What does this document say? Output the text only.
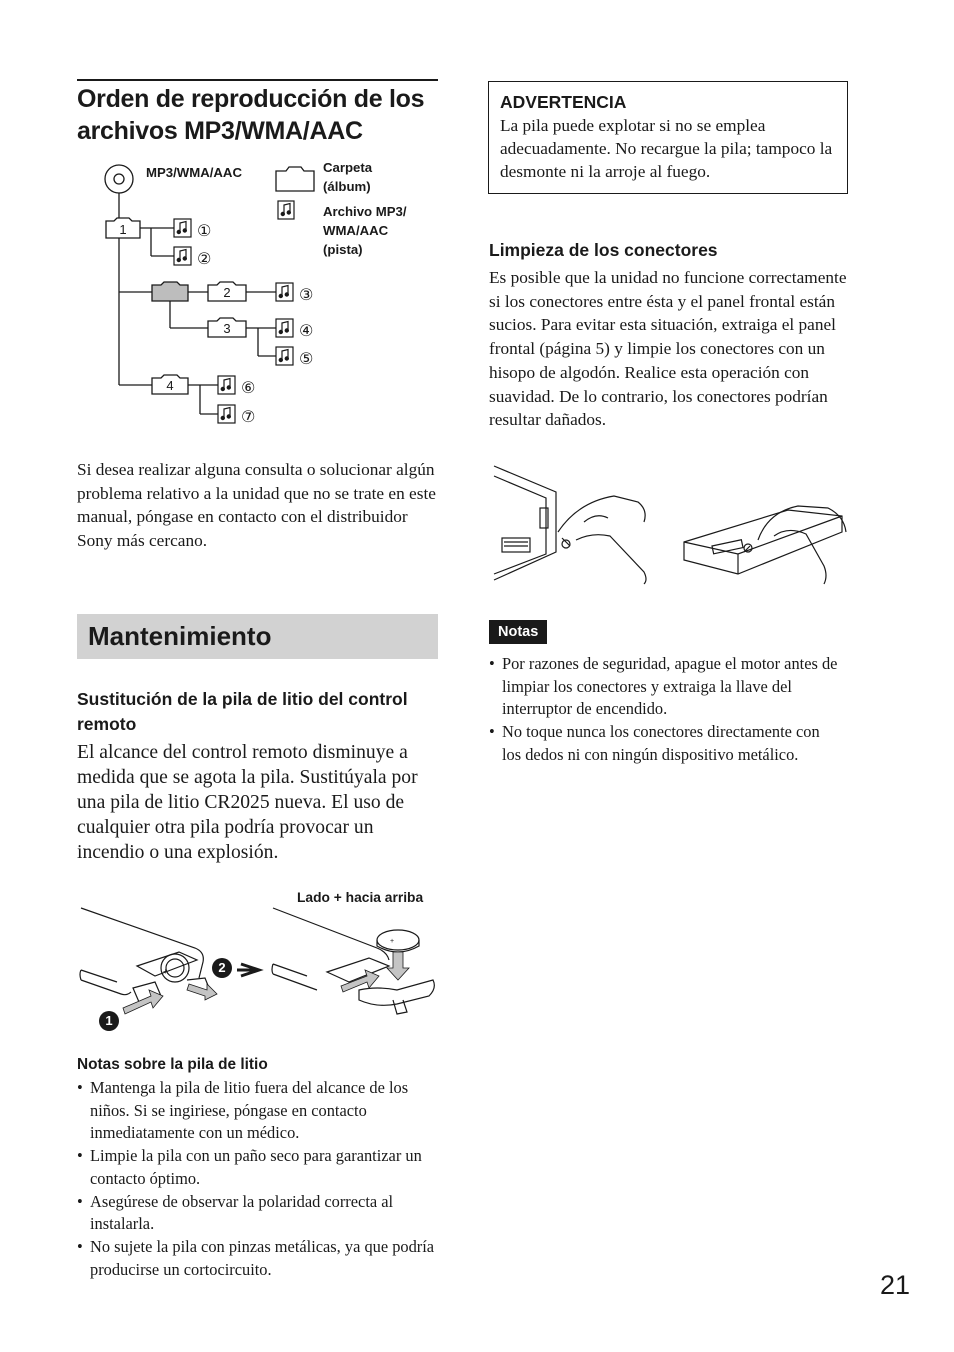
Orden de reproducción de los
archivos MP3/WMA/AAC
1
2
3
4
①
②
③
④
⑤
⑥
⑦
MP3/WMA/AAC	Carpeta
(álbum)
Archivo MP3/
WMA/AAC
(pista)
Si desea realizar alguna consulta o solucionar algún problema relativo a la unidad que no se trate en este manual, póngase en contacto con el distribuidor Sony más cercano.
Mantenimiento
Sustitución de la pila de litio del control remoto
El alcance del control remoto disminuye a medida que se agota la pila. Sustitúyala por una pila de litio CR2025 nueva. El uso de cualquier otra pila podría provocar un incendio o una explosión.
Lado + hacia arriba
+
+
1
2
Notas sobre la pila de litio
• Mantenga la pila de litio fuera del alcance de los niños. Si se ingiriese, póngase en contacto inmediatamente con un médico.
• Limpie la pila con un paño seco para garantizar un contacto óptimo.
• Asegúrese de observar la polaridad correcta al instalarla.
• No sujete la pila con pinzas metálicas, ya que podría producirse un cortocircuito.
ADVERTENCIA
La pila puede explotar si no se emplea adecuadamente. No recargue la pila; tampoco la desmonte ni la arroje al fuego.
Limpieza de los conectores
Es posible que la unidad no funcione correctamente si los conectores entre ésta y el panel frontal están sucios. Para evitar esta situación, extraiga el panel frontal (página 5) y limpie los conectores con un hisopo de algodón. Realice esta operación con suavidad. De lo contrario, los conectores podrían resultar dañados.
Notas
• Por razones de seguridad, apague el motor antes de limpiar los conectores y extraiga la llave del interruptor de encendido.
• No toque nunca los conectores directamente con los dedos ni con ningún dispositivo metálico.
21
